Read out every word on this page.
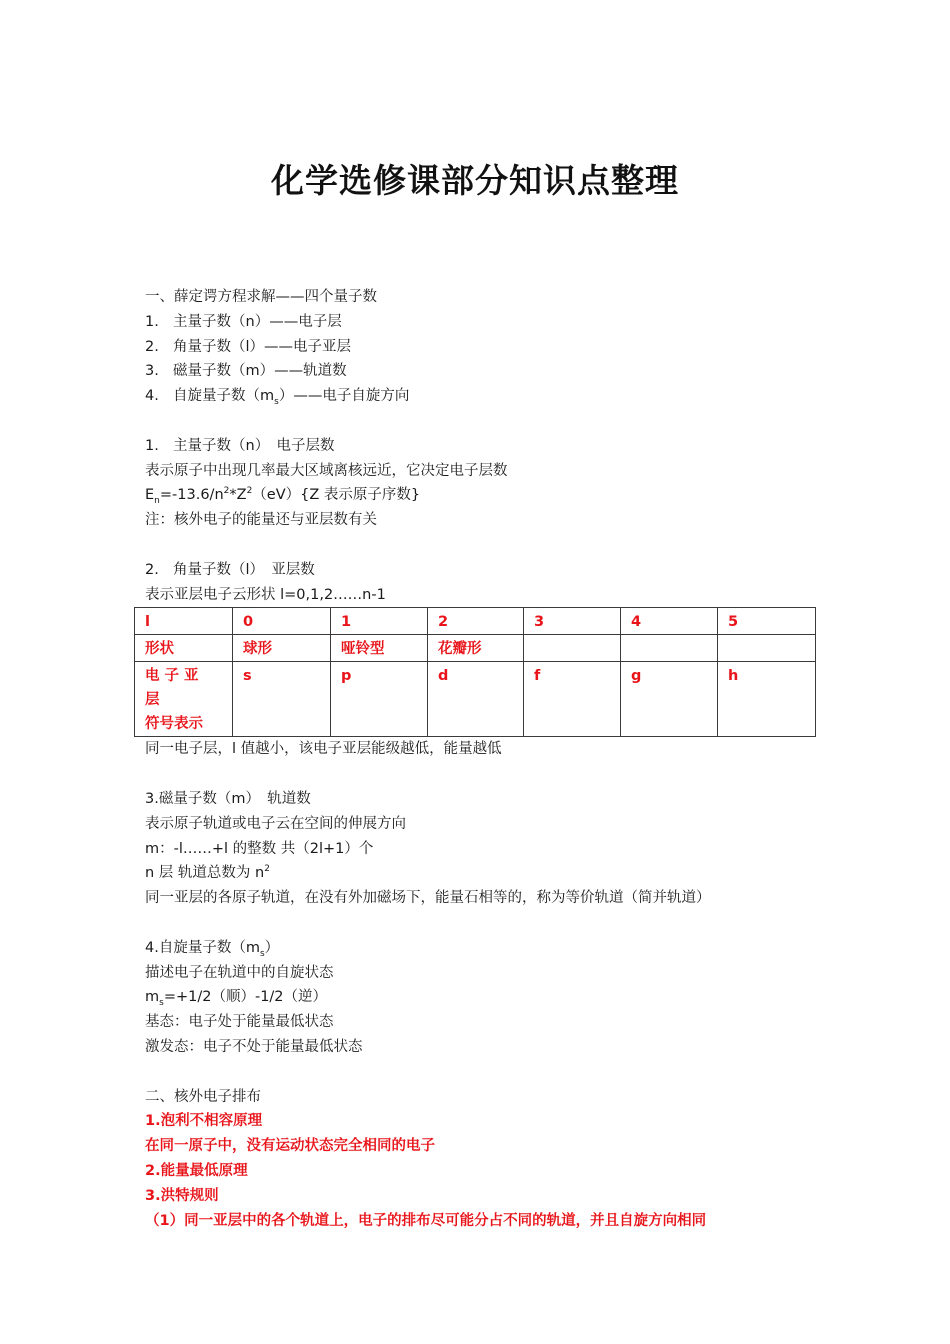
化学选修课部分知识点整理
一、薛定谔方程求解——四个量子数
1. 主量子数（n）——电子层
2. 角量子数（l）——电子亚层
3. 磁量子数（m）——轨道数
4. 自旋量子数$(m_s)——$电子自旋方向
1. 主量子数（n）　电子层数
表示原子中出现几率最大区域离核远近，它决定电子层数
$E_n=-13.6/n^2*Z^2(eV)\{Z$ 表示原子序数}
注：核外电子的能量还与亚层数有关
2. 角量子数（l）　亚层数
表示亚层电子云形状 l=0,1,2……n-1
l	0	1	2	3	4	5
形状	球形	哑铃型	花瓣形			

电子亚层
符号表示	s	p	d	f	g	h
同一电子层，l 值越小，该电子亚层能级越低，能量越低
3.磁量子数（m）　轨道数
表示原子轨道或电子云在空间的伸展方向
m：-l……+l 的整数 共（2l+1）个
n 层 轨道总数为 $n^2$
同一亚层的各原子轨道，在没有外加磁场下，能量石相等的，称为等价轨道（简并轨道）
4.自旋量子数$(m_s)$
描述电子在轨道中的自旋状态
$m_s=+1/2$（顺）-1/2（逆）
基态：电子处于能量最低状态
激发态：电子不处于能量最低状态
二、核外电子排布
1.泡利不相容原理
在同一原子中，没有运动状态完全相同的电子
2.能量最低原理
3.洪特规则
（1）同一亚层中的各个轨道上，电子的排布尽可能分占不同的轨道，并且自旋方向相同
